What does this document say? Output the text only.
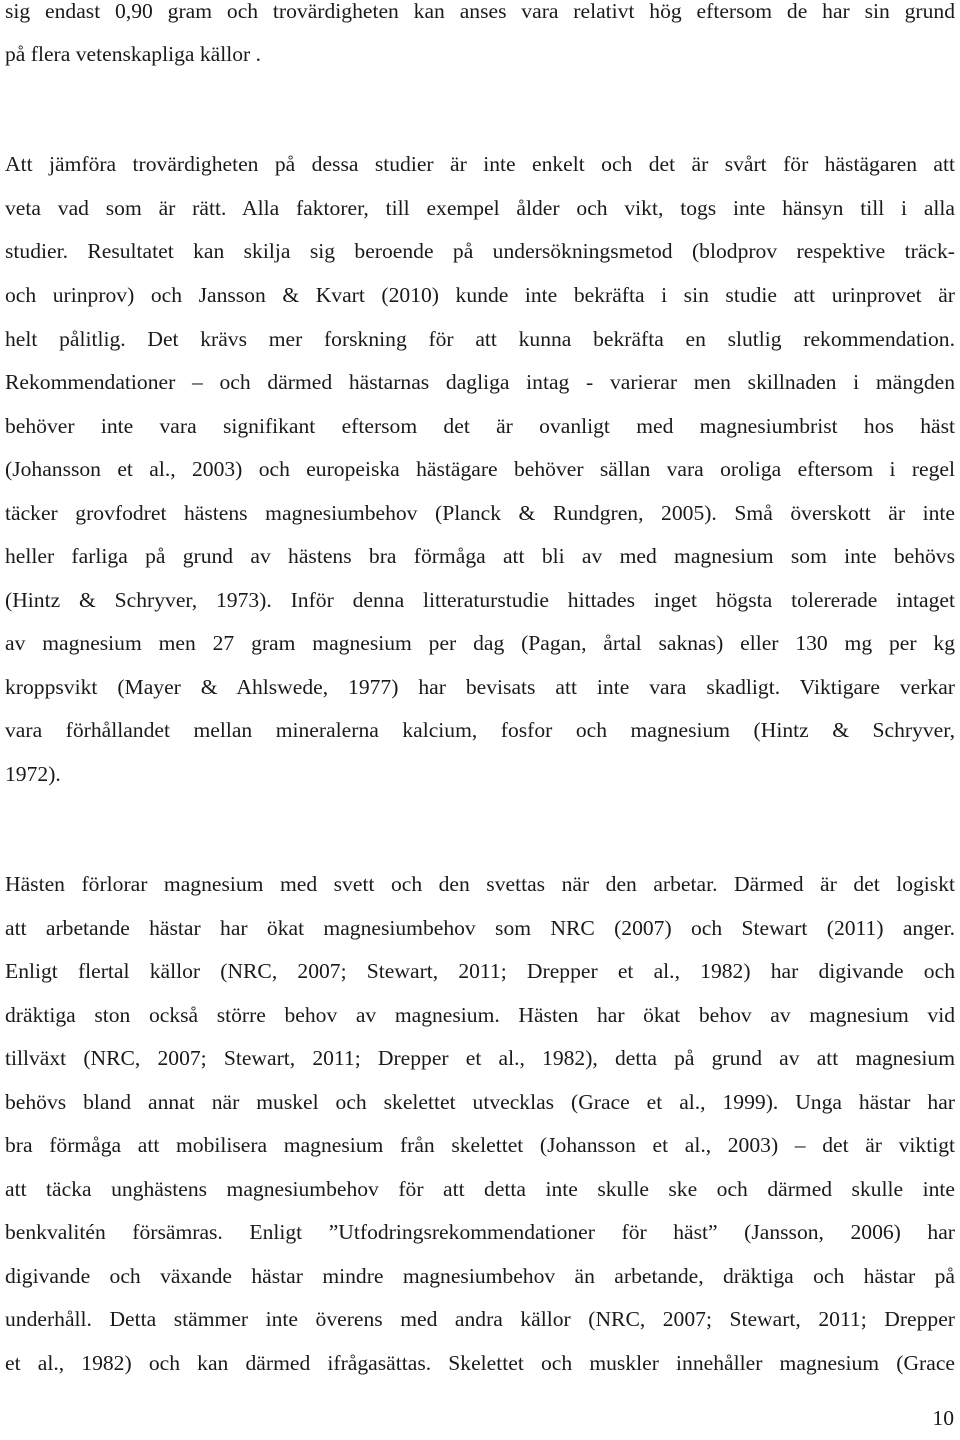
sig endast 0,90 gram och trovärdigheten kan anses vara relativt hög eftersom de har sin grund
på flera vetenskapliga källor .
Att jämföra trovärdigheten på dessa studier är inte enkelt och det är svårt för hästägaren att
veta vad som är rätt. Alla faktorer, till exempel ålder och vikt, togs inte hänsyn till i alla
studier. Resultatet kan skilja sig beroende på undersökningsmetod (blodprov respektive träck-
och urinprov) och Jansson & Kvart (2010) kunde inte bekräfta i sin studie att urinprovet är
helt pålitlig. Det krävs mer forskning för att kunna bekräfta en slutlig rekommendation.
Rekommendationer – och därmed hästarnas dagliga intag - varierar men skillnaden i mängden
behöver inte vara signifikant eftersom det är ovanligt med magnesiumbrist hos häst
(Johansson et al., 2003) och europeiska hästägare behöver sällan vara oroliga eftersom i regel
täcker grovfodret hästens magnesiumbehov (Planck & Rundgren, 2005). Små överskott är inte
heller farliga på grund av hästens bra förmåga att bli av med magnesium som inte behövs
(Hintz & Schryver, 1973). Inför denna litteraturstudie hittades inget högsta tolererade intaget
av magnesium men 27 gram magnesium per dag (Pagan, årtal saknas) eller 130 mg per kg
kroppsvikt (Mayer & Ahlswede, 1977) har bevisats att inte vara skadligt. Viktigare verkar
vara förhållandet mellan mineralerna kalcium, fosfor och magnesium (Hintz & Schryver,
1972).
Hästen förlorar magnesium med svett och den svettas när den arbetar. Därmed är det logiskt
att arbetande hästar har ökat magnesiumbehov som NRC (2007) och Stewart (2011) anger.
Enligt flertal källor (NRC, 2007; Stewart, 2011; Drepper et al., 1982) har digivande och
dräktiga ston också större behov av magnesium. Hästen har ökat behov av magnesium vid
tillväxt (NRC, 2007; Stewart, 2011; Drepper et al., 1982), detta på grund av att magnesium
behövs bland annat när muskel och skelettet utvecklas (Grace et al., 1999). Unga hästar har
bra förmåga att mobilisera magnesium från skelettet (Johansson et al., 2003) – det är viktigt
att täcka unghästens magnesiumbehov för att detta inte skulle ske och därmed skulle inte
benkvalitén försämras. Enligt ”Utfodringsrekommendationer för häst” (Jansson, 2006) har
digivande och växande hästar mindre magnesiumbehov än arbetande, dräktiga och hästar på
underhåll. Detta stämmer inte överens med andra källor (NRC, 2007; Stewart, 2011; Drepper
et al., 1982) och kan därmed ifrågasättas. Skelettet och muskler innehåller magnesium (Grace
10
